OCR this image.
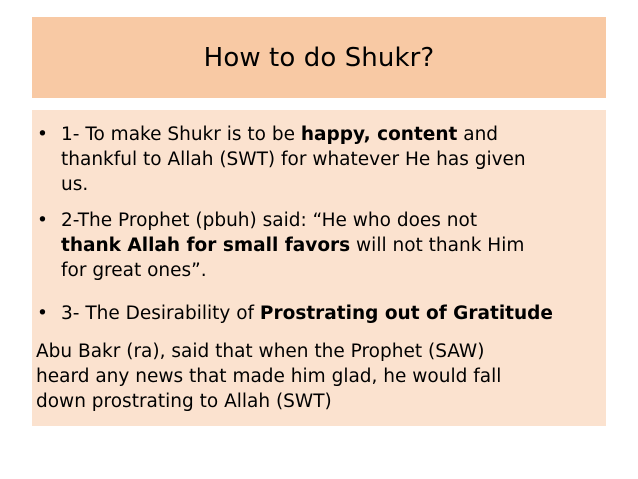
How to do Shukr?
• 1- To make Shukr is to be happy, content and
thankful to Allah (SWT) for whatever He has given
us.
• 2-The Prophet (pbuh) said: “He who does not
thank Allah for small favors will not thank Him
for great ones”.
• 3- The Desirability of Prostrating out of Gratitude
Abu Bakr (ra), said that when the Prophet (SAW)
heard any news that made him glad, he would fall
down prostrating to Allah (SWT)
